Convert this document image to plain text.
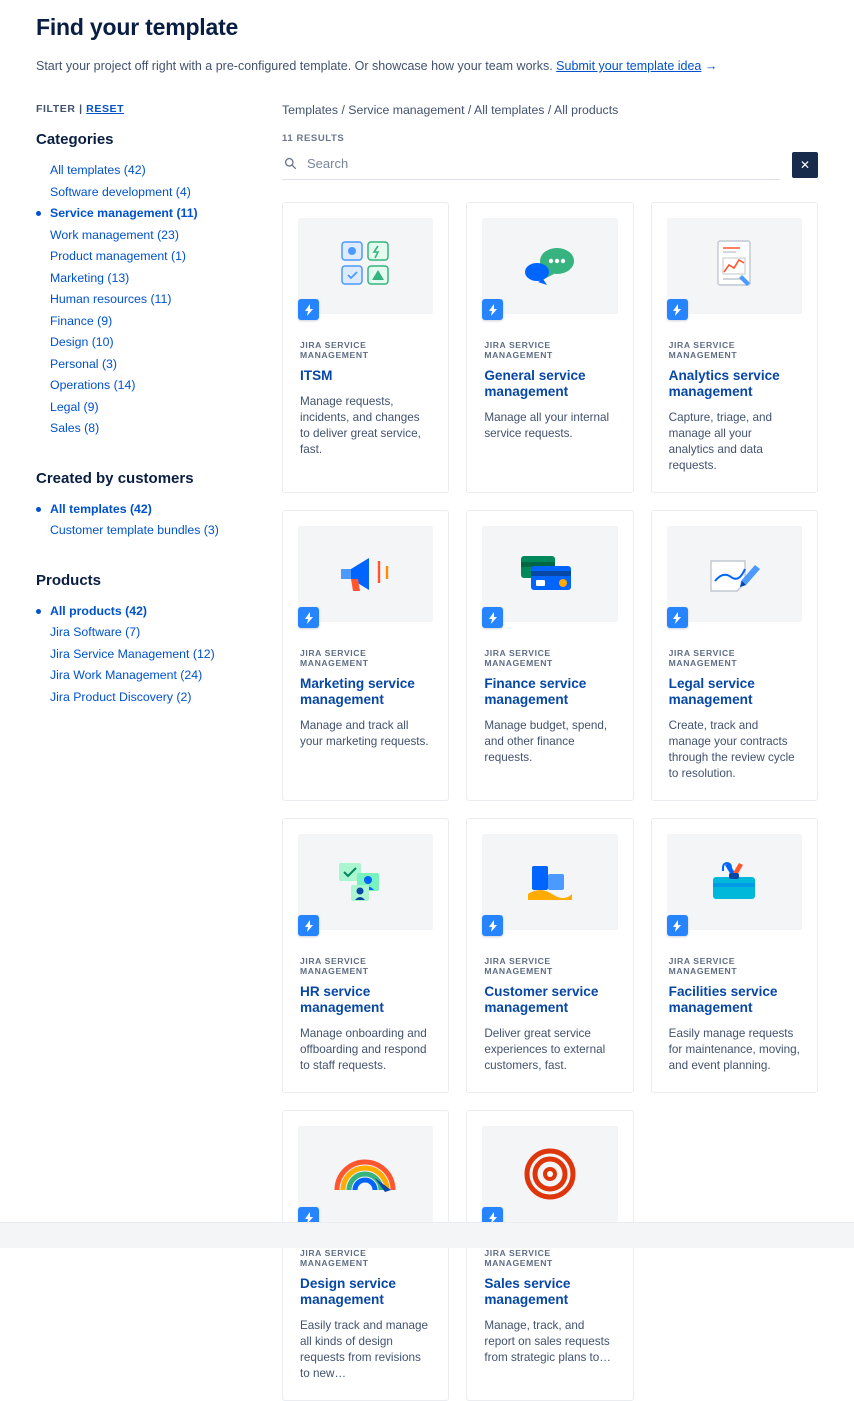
Find your template

Start your project off right with a pre-configured template. Or showcase how your team works. Submit your template idea →

FILTER | RESET
Categories
All templates (42)
Software development (4)
Service management (11)
Work management (23)
Product management (1)
Marketing (13)
Human resources (11)
Finance (9)
Design (10)
Personal (3)
Operations (14)
Legal (9)
Sales (8)
Created by customers
All templates (42)
Customer template bundles (3)
Products
All products (42)
Jira Software (7)
Jira Service Management (12)
Jira Work Management (24)
Jira Product Discovery (2)
Templates / Service management / All templates / All products
11 RESULTS
Search
✕
JIRA SERVICE MANAGEMENT
ITSM
Manage requests, incidents, and changes to deliver great service, fast.
JIRA SERVICE MANAGEMENT
General service management
Manage all your internal service requests.
JIRA SERVICE MANAGEMENT
Analytics service management
Capture, triage, and manage all your analytics and data requests.
JIRA SERVICE MANAGEMENT
Marketing service management
Manage and track all your marketing requests.
JIRA SERVICE MANAGEMENT
Finance service management
Manage budget, spend, and other finance requests.
JIRA SERVICE MANAGEMENT
Legal service management
Create, track and manage your contracts through the review cycle to resolution.
JIRA SERVICE MANAGEMENT
HR service management
Manage onboarding and offboarding and respond to staff requests.
JIRA SERVICE MANAGEMENT
Customer service management
Deliver great service experiences to external customers, fast.
JIRA SERVICE MANAGEMENT
Facilities service management
Easily manage requests for maintenance, moving, and event planning.
JIRA SERVICE MANAGEMENT
Design service management
Easily track and manage all kinds of design requests from revisions to new…
JIRA SERVICE MANAGEMENT
Sales service management
Manage, track, and report on sales requests from strategic plans to…
